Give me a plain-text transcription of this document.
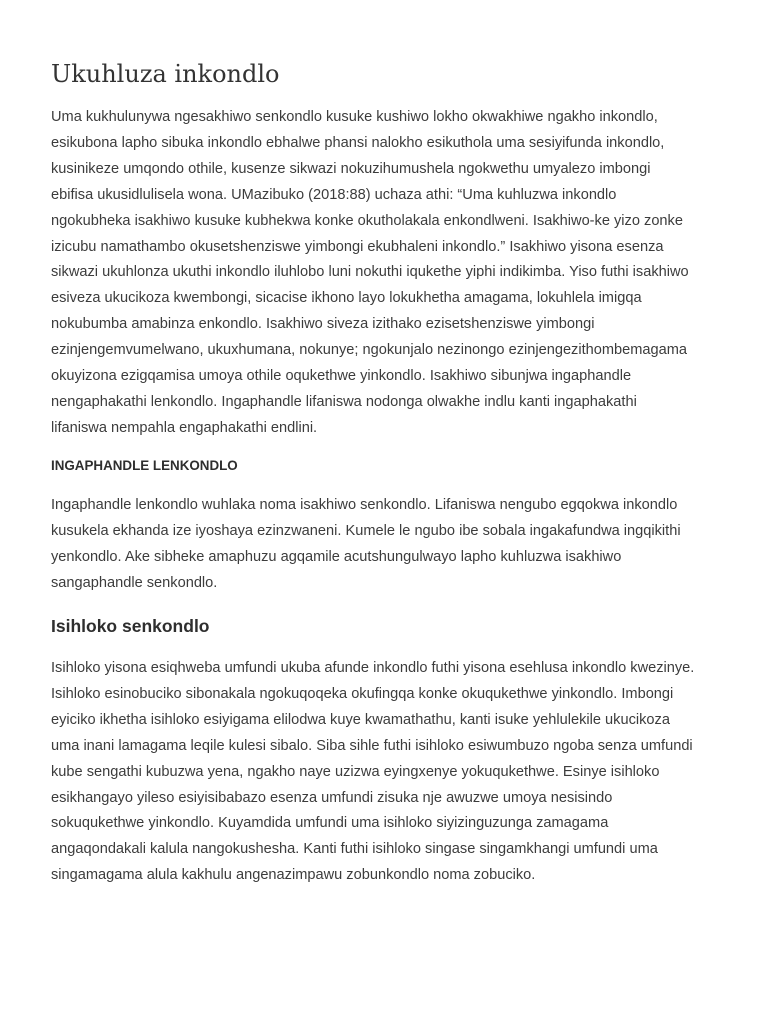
Ukuhluza inkondlo

Uma kukhulunywa ngesakhiwo senkondlo kusuke kushiwo lokho okwakhiwe ngakho inkondlo,
esikubona lapho sibuka inkondlo ebhalwe phansi nalokho esikuthola uma sesiyifunda inkondlo,
kusinikeze umqondo othile, kusenze sikwazi nokuzihumushela ngokwethu umyalezo imbongi
ebifisa ukusidlulisela wona. UMazibuko (2018:88) uchaza athi: “Uma kuhluzwa inkondlo
ngokubheka isakhiwo kusuke kubhekwa konke okutholakala enkondlweni. Isakhiwo-ke yizo zonke
izicubu namathambo okusetshenziswe yimbongi ekubhaleni inkondlo.” Isakhiwo yisona esenza
sikwazi ukuhlonza ukuthi inkondlo iluhlobo luni nokuthi iqukethe yiphi indikimba. Yiso futhi isakhiwo
esiveza ukucikoza kwembongi, sicacise ikhono layo lokukhetha amagama, lokuhlela imigqa
nokubumba amabinza enkondlo. Isakhiwo siveza izithako ezisetshenziswe yimbongi
ezinjengemvumelwano, ukuxhumana, nokunye; ngokunjalo nezinongo ezinjengezithombemagama
okuyizona ezigqamisa umoya othile oqukethwe yinkondlo. Isakhiwo sibunjwa ingaphandle
nengaphakathi lenkondlo. Ingaphandle lifaniswa nodonga olwakhe indlu kanti ingaphakathi
lifaniswa nempahla engaphakathi endlini.

INGAPHANDLE LENKONDLO

Ingaphandle lenkondlo wuhlaka noma isakhiwo senkondlo. Lifaniswa nengubo egqokwa inkondlo
kusukela ekhanda ize iyoshaya ezinzwaneni. Kumele le ngubo ibe sobala ingakafundwa ingqikithi
yenkondlo. Ake sibheke amaphuzu agqamile acutshungulwayo lapho kuhluzwa isakhiwo
sangaphandle senkondlo.

Isihloko senkondlo

Isihloko yisona esiqhweba umfundi ukuba afunde inkondlo futhi yisona esehlusa inkondlo kwezinye.
Isihloko esinobuciko sibonakala ngokuqoqeka okufingqa konke okuqukethwe yinkondlo. Imbongi
eyiciko ikhetha isihloko esiyigama elilodwa kuye kwamathathu, kanti isuke yehlulekile ukucikoza
uma inani lamagama leqile kulesi sibalo. Siba sihle futhi isihloko esiwumbuzo ngoba senza umfundi
kube sengathi kubuzwa yena, ngakho naye uzizwa eyingxenye yokuqukethwe. Esinye isihloko
esikhangayo yileso esiyisibabazo esenza umfundi zisuka nje awuzwe umoya nesisindo
sokuqukethwe yinkondlo. Kuyamdida umfundi uma isihloko siyizinguzunga zamagama
angaqondakali kalula nangokushesha. Kanti futhi isihloko singase singamkhangi umfundi uma
singamagama alula kakhulu angenazimpawu zobunkondlo noma zobuciko.
